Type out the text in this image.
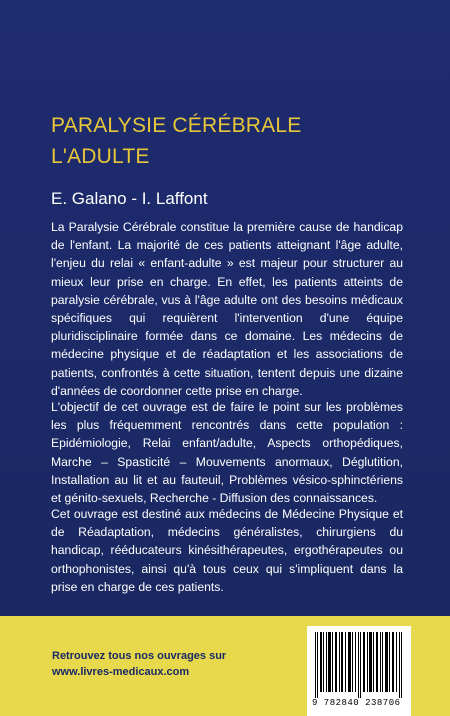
PARALYSIE CÉRÉBRALE
L'ADULTE
E. Galano - I. Laffont
La Paralysie Cérébrale constitue la première cause de handicap de l'enfant. La majorité de ces patients atteignant l'âge adulte, l'enjeu du relai « enfant-adulte » est majeur pour structurer au mieux leur prise en charge. En effet, les patients atteints de paralysie cérébrale, vus à l'âge adulte ont des besoins médicaux spécifiques qui requièrent l'intervention d'une équipe pluridisciplinaire formée dans ce domaine. Les médecins de médecine physique et de réadaptation et les associations de patients, confrontés à cette situation, tentent depuis une dizaine d'années de coordonner cette prise en charge.
L'objectif de cet ouvrage est de faire le point sur les problèmes les plus fréquemment rencontrés dans cette population : Epidémiologie, Relai enfant/adulte, Aspects orthopédiques, Marche – Spasticité – Mouvements anormaux, Déglutition, Installation au lit et au fauteuil, Problèmes vésico-sphinctériens et génito-sexuels, Recherche - Diffusion des connaissances.
Cet ouvrage est destiné aux médecins de Médecine Physique et de Réadaptation, médecins généralistes, chirurgiens du handicap, rééducateurs kinésithérapeutes, ergothérapeutes ou orthophonistes, ainsi qu'à tous ceux qui s'impliquent dans la prise en charge de ces patients.
Retrouvez tous nos ouvrages sur
www.livres-medicaux.com
9 782840 238706
